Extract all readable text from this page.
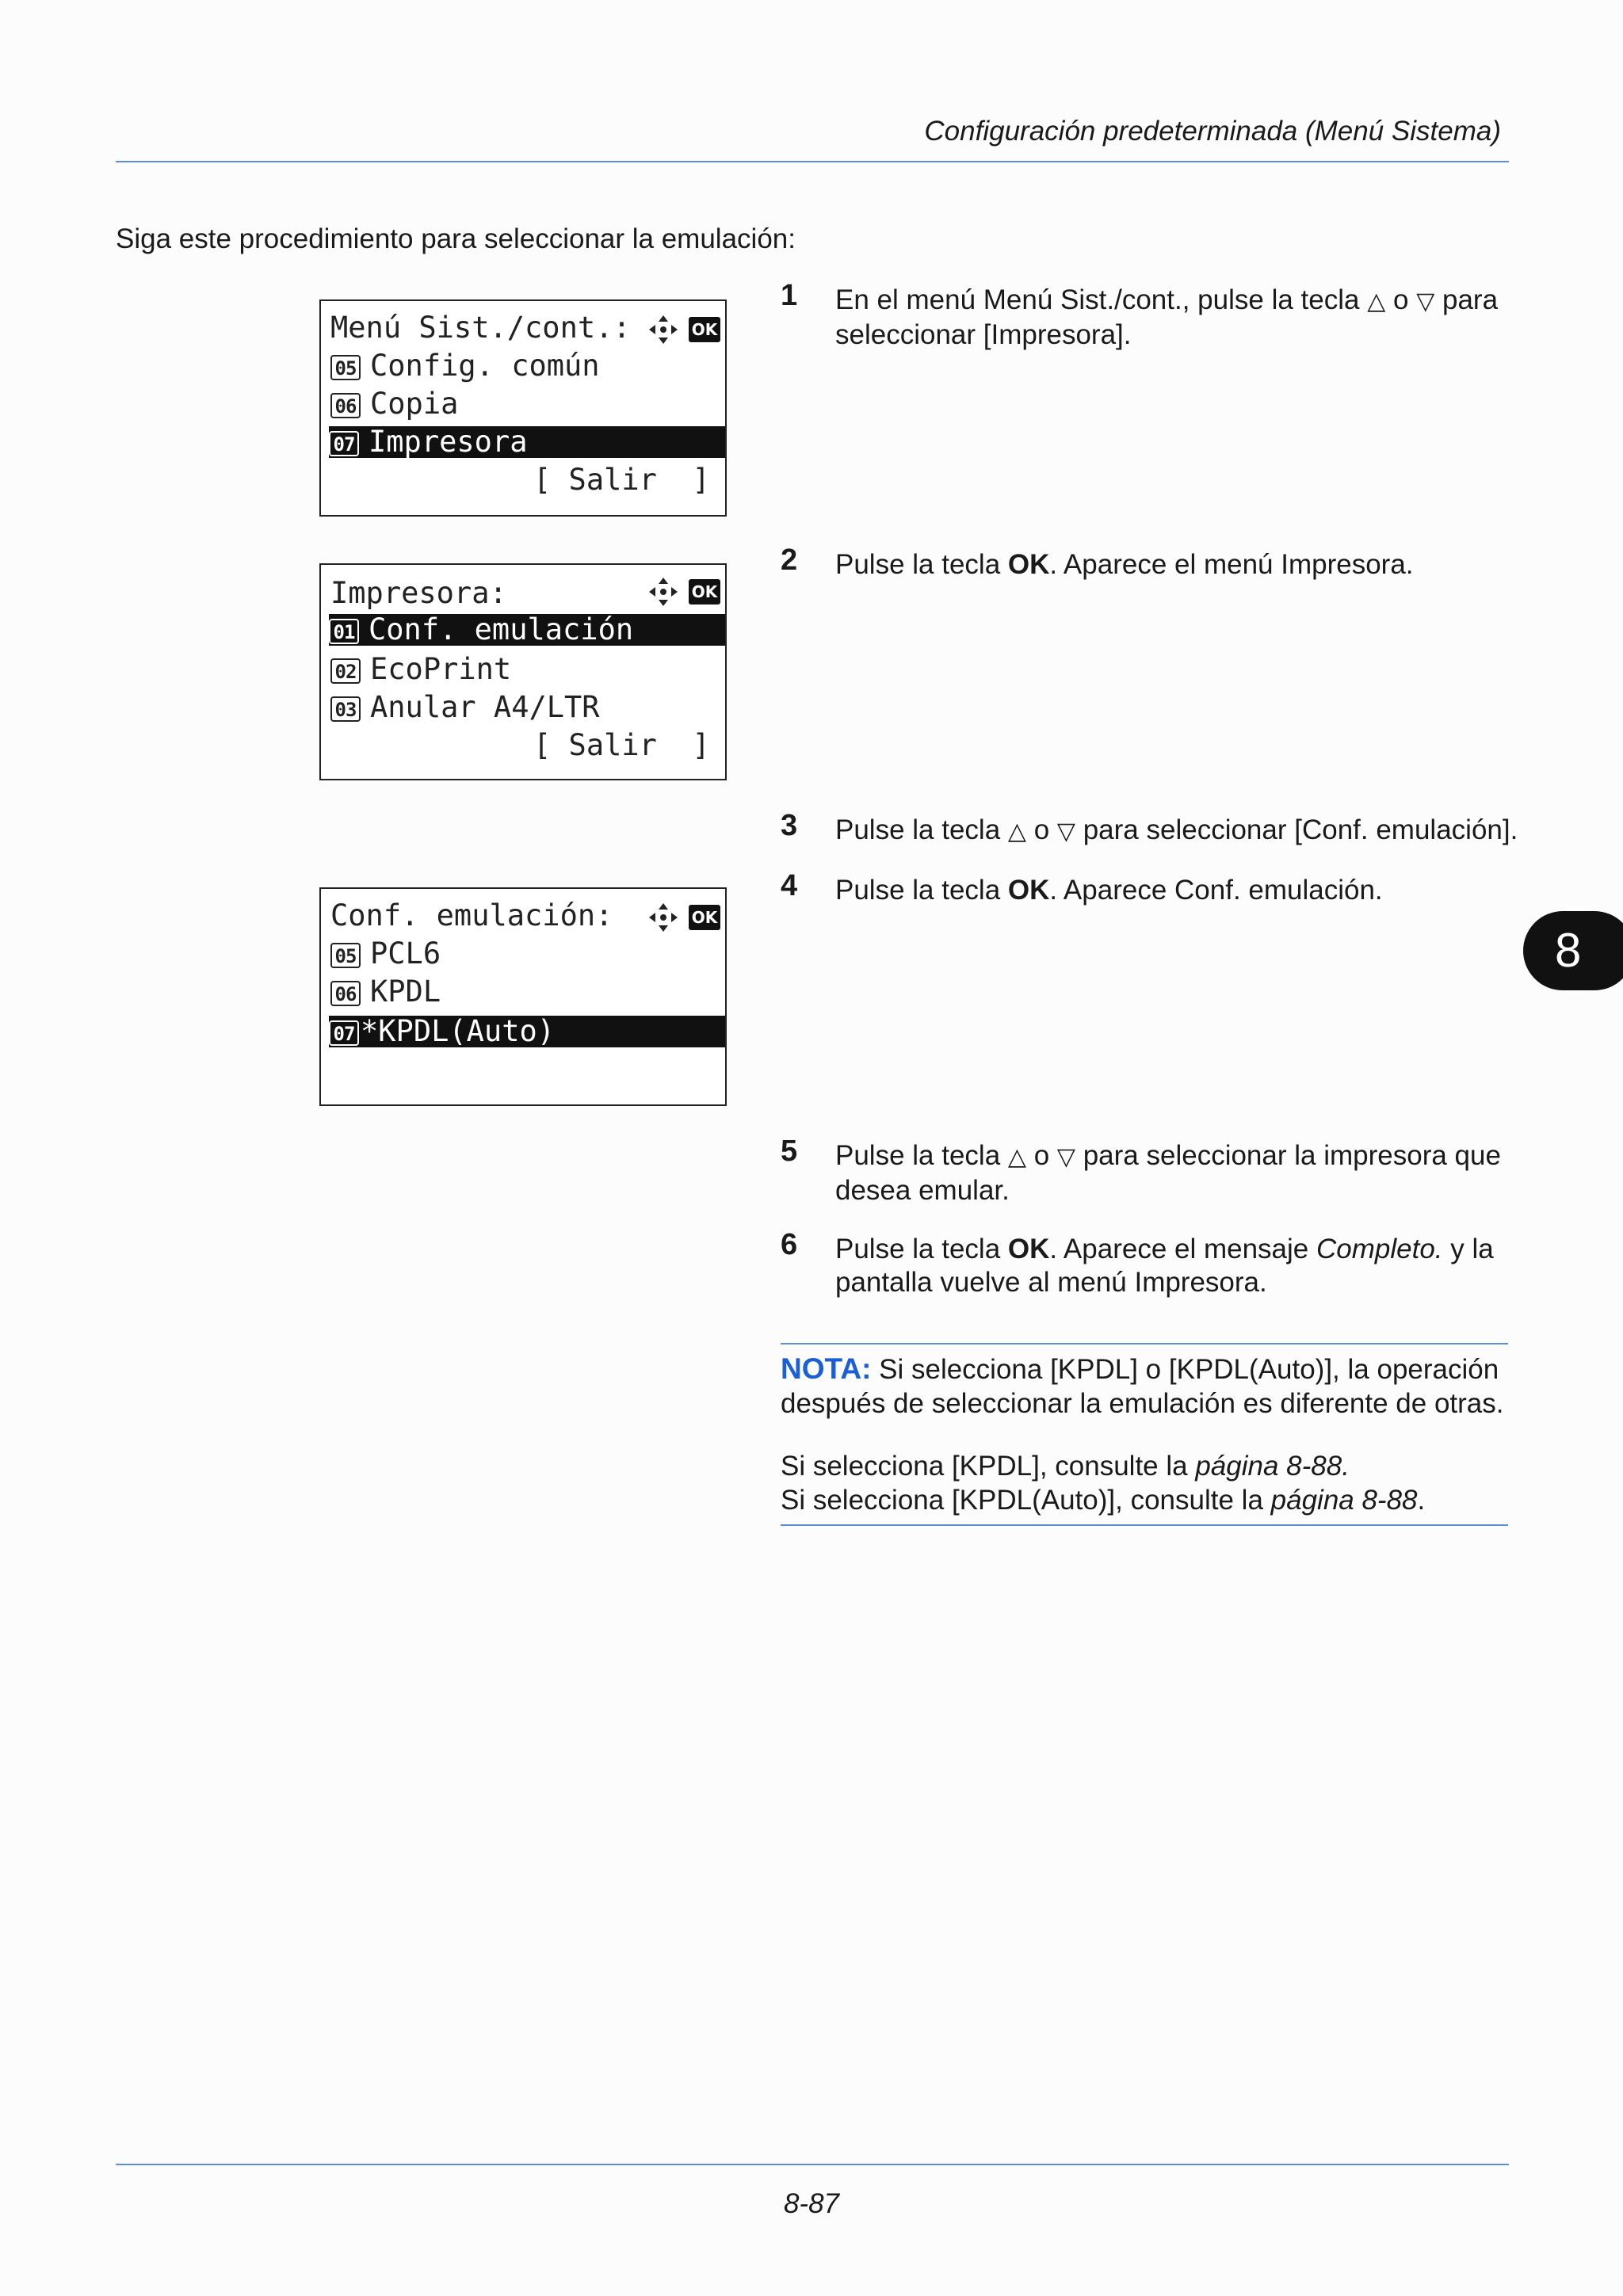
Configuración predeterminada (Menú Sistema)
Siga este procedimiento para seleccionar la emulación:
Menú Sist./cont.:	OK
05 Config. común
06 Copia
07 Impresora
[ Salir  ]
Impresora:	OK
01 Conf. emulación
02 EcoPrint
03 Anular A4/LTR
[ Salir  ]
Conf. emulación:	OK
05 PCL6
06 KPDL
07 *KPDL(Auto)
1 En el menú Menú Sist./cont., pulse la tecla △ o ▽ para seleccionar [Impresora].
2 Pulse la tecla OK. Aparece el menú Impresora.
3 Pulse la tecla △ o ▽ para seleccionar [Conf. emulación].
4 Pulse la tecla OK. Aparece Conf. emulación.
5 Pulse la tecla △ o ▽ para seleccionar la impresora que desea emular.
6 Pulse la tecla OK. Aparece el mensaje Completo. y la pantalla vuelve al menú Impresora.
NOTA: Si selecciona [KPDL] o [KPDL(Auto)], la operación después de seleccionar la emulación es diferente de otras.
Si selecciona [KPDL], consulte la página 8-88.
Si selecciona [KPDL(Auto)], consulte la página 8-88.
8
8-87
